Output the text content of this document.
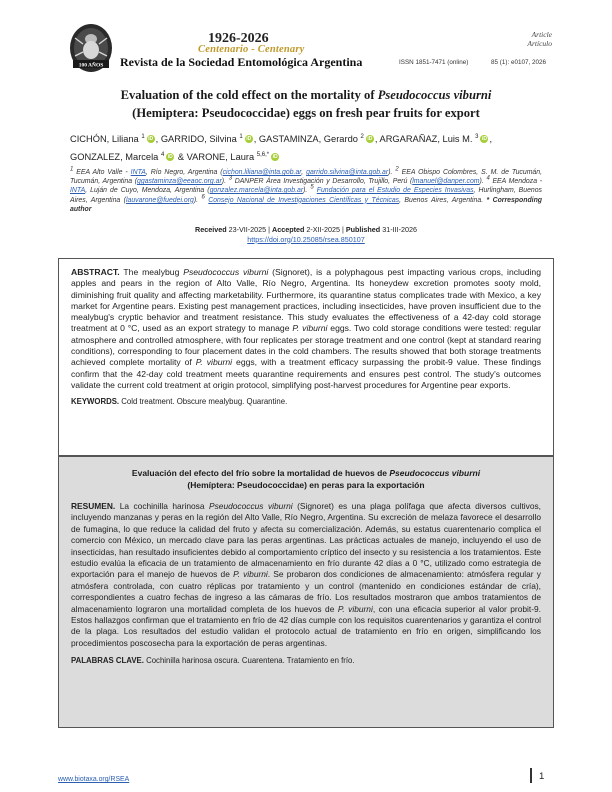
100 AÑOS
1926-2026
Centenario - Centenary
Revista de la Sociedad Entomológica Argentina	ISSN 1851-7471 (online)	85 (1): e0107, 2026
Article
Artículo
Evaluation of the cold effect on the mortality of Pseudococcus viburni
(Hemiptera: Pseudococcidae) eggs on fresh pear fruits for export
CICHÓN, Liliana $^1$ iD , GARRIDO, Silvina $^1$ iD , GASTAMINZA, Gerardo $^2$ iD , ARGARAÑAZ, Luis M. $^3$ iD , GONZALEZ, Marcela $^4$ iD & VARONE, Laura $^{5,6,*}$ iD
$^1$ EEA Alto Valle - INTA, Río Negro, Argentina (cichon.liliana@inta.gob.ar, garrido.silvina@inta.gob.ar). $^2$ EEA Obispo Colombres, S. M. de Tucumán, Tucumán, Argentina (ggastaminza@eeaoc.org.ar). $^3$ DANPER Área Investigación y Desarrollo, Trujillo, Perú (lmanuel@danper.com). $^4$ EEA Mendoza - INTA, Luján de Cuyo, Mendoza, Argentina (gonzalez.marcela@inta.gob.ar). $^5$ Fundación para el Estudio de Especies Invasivas, Hurlingham, Buenos Aires, Argentina (lauvarone@fuedei.org). $^6$ Consejo Nacional de Investigaciones Científicas y Técnicas, Buenos Aires, Argentina. * Corresponding author
Received 23-VII-2025 | Accepted 2-XII-2025 | Published 31-III-2026
https://doi.org/10.25085/rsea.850107
ABSTRACT. The mealybug Pseudococcus viburni (Signoret), is a polyphagous pest impacting various crops, including apples and pears in the region of Alto Valle, Río Negro, Argentina. Its honeydew excretion promotes sooty mold, diminishing fruit quality and affecting marketability. Furthermore, its quarantine status complicates trade with Mexico, a key market for Argentine pears. Existing pest management practices, including insecticides, have proven insufficient due to the mealybug's cryptic behavior and treatment resistance. This study evaluates the effectiveness of a 42-day cold storage treatment at 0 °C, used as an export strategy to manage P. viburni eggs. Two cold storage conditions were tested: regular atmosphere and controlled atmosphere, with four replicates per storage treatment and one control (kept at standard rearing conditions), corresponding to four placement dates in the cold chambers. The results showed that both storage treatments achieved complete mortality of P. viburni eggs, with a treatment efficacy surpassing the probit-9 value. These findings confirm that the 42-day cold treatment meets quarantine requirements and ensures pest control. The study's outcomes validate the current cold treatment at origin protocol, simplifying post-harvest procedures for Argentine pear exports.
KEYWORDS. Cold treatment. Obscure mealybug. Quarantine.
Evaluación del efecto del frío sobre la mortalidad de huevos de Pseudococcus viburni
(Hemíptera: Pseudococcidae) en peras para la exportación
RESUMEN. La cochinilla harinosa Pseudococcus viburni (Signoret) es una plaga polífaga que afecta diversos cultivos, incluyendo manzanas y peras en la región del Alto Valle, Río Negro, Argentina. Su excreción de melaza favorece el desarrollo de fumagina, lo que reduce la calidad del fruto y afecta su comercialización. Además, su estatus cuarentenario complica el comercio con México, un mercado clave para las peras argentinas. Las prácticas actuales de manejo, incluyendo el uso de insecticidas, han resultado insuficientes debido al comportamiento críptico del insecto y su resistencia a los tratamientos. Este estudio evalúa la eficacia de un tratamiento de almacenamiento en frío durante 42 días a 0 °C, utilizado como estrategia de exportación para el manejo de huevos de P. viburni. Se probaron dos condiciones de almacenamiento: atmósfera regular y atmósfera controlada, con cuatro réplicas por tratamiento y un control (mantenido en condiciones estándar de cría), correspondientes a cuatro fechas de ingreso a las cámaras de frío. Los resultados mostraron que ambos tratamientos de almacenamiento lograron una mortalidad completa de los huevos de P. viburni, con una eficacia superior al valor probit-9. Estos hallazgos confirman que el tratamiento en frío de 42 días cumple con los requisitos cuarentenarios y garantiza el control de la plaga. Los resultados del estudio validan el protocolo actual de tratamiento en frío en origen, simplificando los procedimientos poscosecha para la exportación de peras argentinas.
PALABRAS CLAVE. Cochinilla harinosa oscura. Cuarentena. Tratamiento en frío.
www.biotaxa.org/RSEA	1
